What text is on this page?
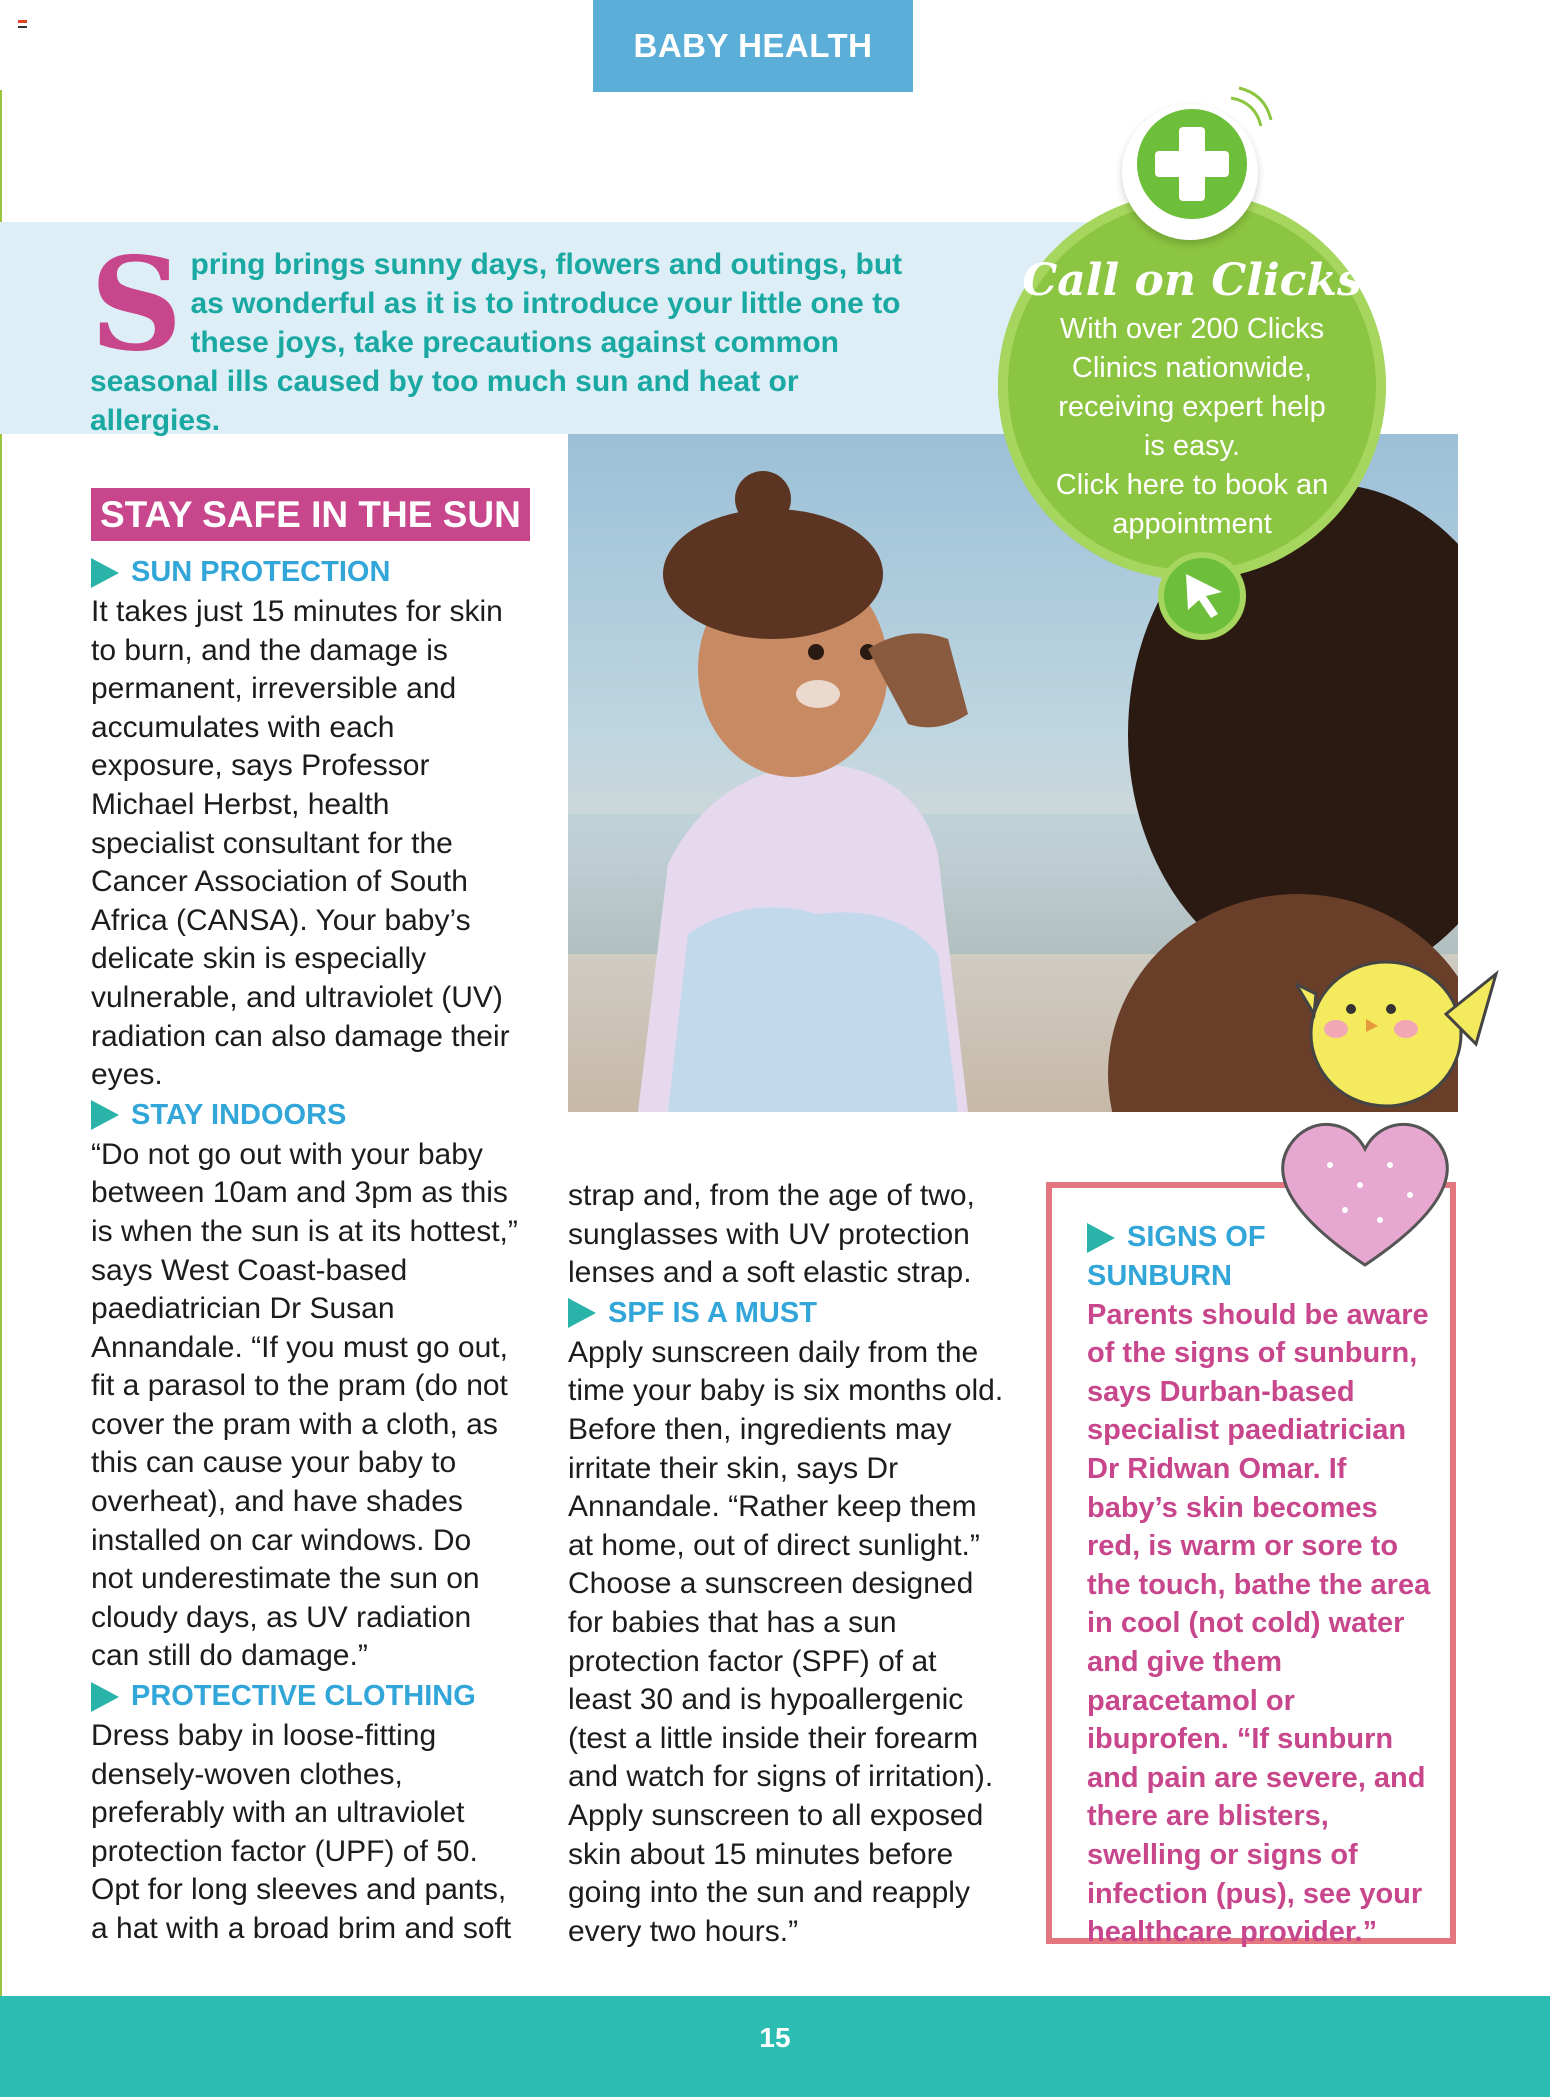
BABY HEALTH
S pring brings sunny days, flowers and outings, but as wonderful as it is to introduce your little one to these joys, take precautions against common seasonal ills caused by too much sun and heat or allergies.
Call on Clicks
With over 200 Clicks
Clinics nationwide,
receiving expert help
is easy.
Click here to book an
appointment
STAY SAFE IN THE SUN
SUN PROTECTION
It takes just 15 minutes for skin to burn, and the damage is permanent, irreversible and accumulates with each exposure, says Professor Michael Herbst, health specialist consultant for the Cancer Association of South Africa (CANSA). Your baby’s delicate skin is especially vulnerable, and ultraviolet (UV) radiation can also damage their eyes.
STAY INDOORS
“Do not go out with your baby between 10am and 3pm as this is when the sun is at its hottest,” says West Coast-based paediatrician Dr Susan Annandale. “If you must go out, fit a parasol to the pram (do not cover the pram with a cloth, as this can cause your baby to overheat), and have shades installed on car windows. Do not underestimate the sun on cloudy days, as UV radiation can still do damage.”
PROTECTIVE CLOTHING
Dress baby in loose-fitting densely-woven clothes, preferably with an ultraviolet protection factor (UPF) of 50. Opt for long sleeves and pants, a hat with a broad brim and soft
strap and, from the age of two, sunglasses with UV protection lenses and a soft elastic strap.
SPF IS A MUST
Apply sunscreen daily from the time your baby is six months old. Before then, ingredients may irritate their skin, says Dr Annandale. “Rather keep them at home, out of direct sunlight.” Choose a sunscreen designed for babies that has a sun protection factor (SPF) of at least 30 and is hypoallergenic (test a little inside their forearm and watch for signs of irritation). Apply sunscreen to all exposed skin about 15 minutes before going into the sun and reapply every two hours.”
SIGNS OF
SUNBURN
Parents should be aware of the signs of sunburn, says Durban-based specialist paediatrician Dr Ridwan Omar. If baby’s skin becomes red, is warm or sore to the touch, bathe the area in cool (not cold) water and give them paracetamol or ibuprofen. “If sunburn and pain are severe, and there are blisters, swelling or signs of infection (pus), see your healthcare provider.”
15
